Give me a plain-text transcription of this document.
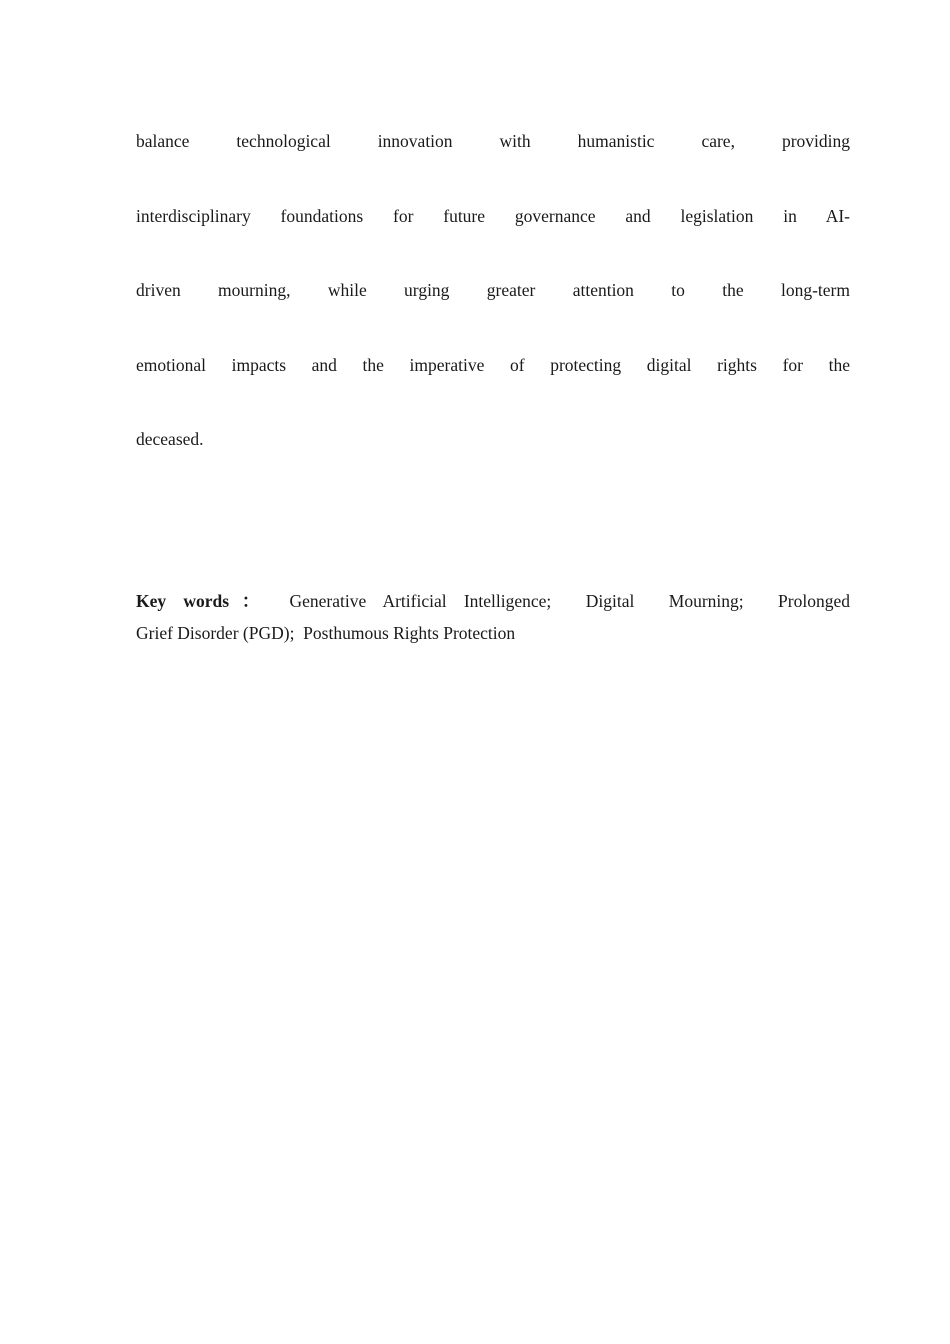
balance technological innovation with humanistic care, providing
interdisciplinary foundations for future governance and legislation in AI-
driven mourning, while urging greater attention to the long-term
emotional impacts and the imperative of protecting digital rights for the
deceased.
Key words： Generative Artificial Intelligence;  Digital  Mourning;  Prolonged
Grief Disorder (PGD);  Posthumous Rights Protection
